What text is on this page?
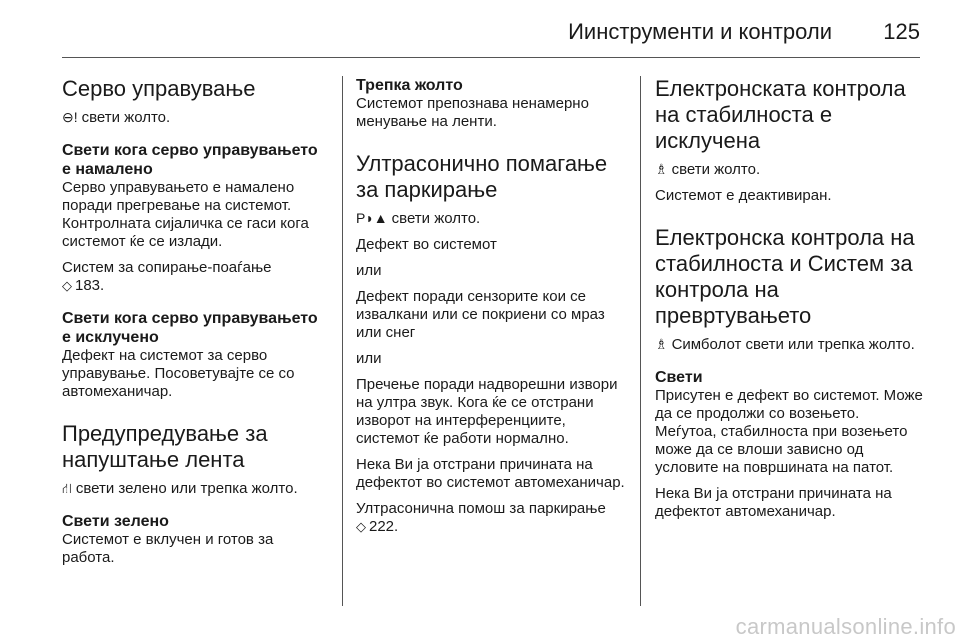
Иинструменти и контроли 125
Серво управување
⊖! свети жолто.
Свети кога серво управувањето е намалено
Серво управувањето е намалено поради прегревање на системот. Контролната сијаличка се гаси кога системот ќе се излади.
Систем за сопирање-поаѓање
◇ 183.
Свети кога серво управувањето е исклучено
Дефект на системот за серво управување. Посоветувајте се со автомеханичар.
Предупредување за напуштање лента
⛙ свети зелено или трепка жолто.
Свети зелено
Системот е вклучен и готов за работа.
Трепка жолто
Системот препознава ненамерно менување на ленти.
Ултрасонично помагање за паркирање
P◗▲ свети жолто.
Дефект во системот
или
Дефект поради сензорите кои се извалкани или се покриени со мраз или снег
или
Пречење поради надворешни извори на ултра звук. Кога ќе се отстрани изворот на интерференциите, системот ќе работи нормално.
Нека Ви ја отстрани причината на дефектот во системот автомеханичар.
Ултрасонична помош за паркирање
◇ 222.
Електронската контрола на стабилноста е исклучена
♗ свети жолто.
Системот е деактивиран.
Електронска контрола на стабилноста и Систем за контрола на превртувањето
♗ Симболот свети или трепка жолто.
Свети
Присутен е дефект во системот. Може да се продолжи со возењето. Меѓутоа, стабилноста при возењето може да се влоши зависно од условите на површината на патот.
Нека Ви ја отстрани причината на дефектот автомеханичар.
carmanualsonline.info
